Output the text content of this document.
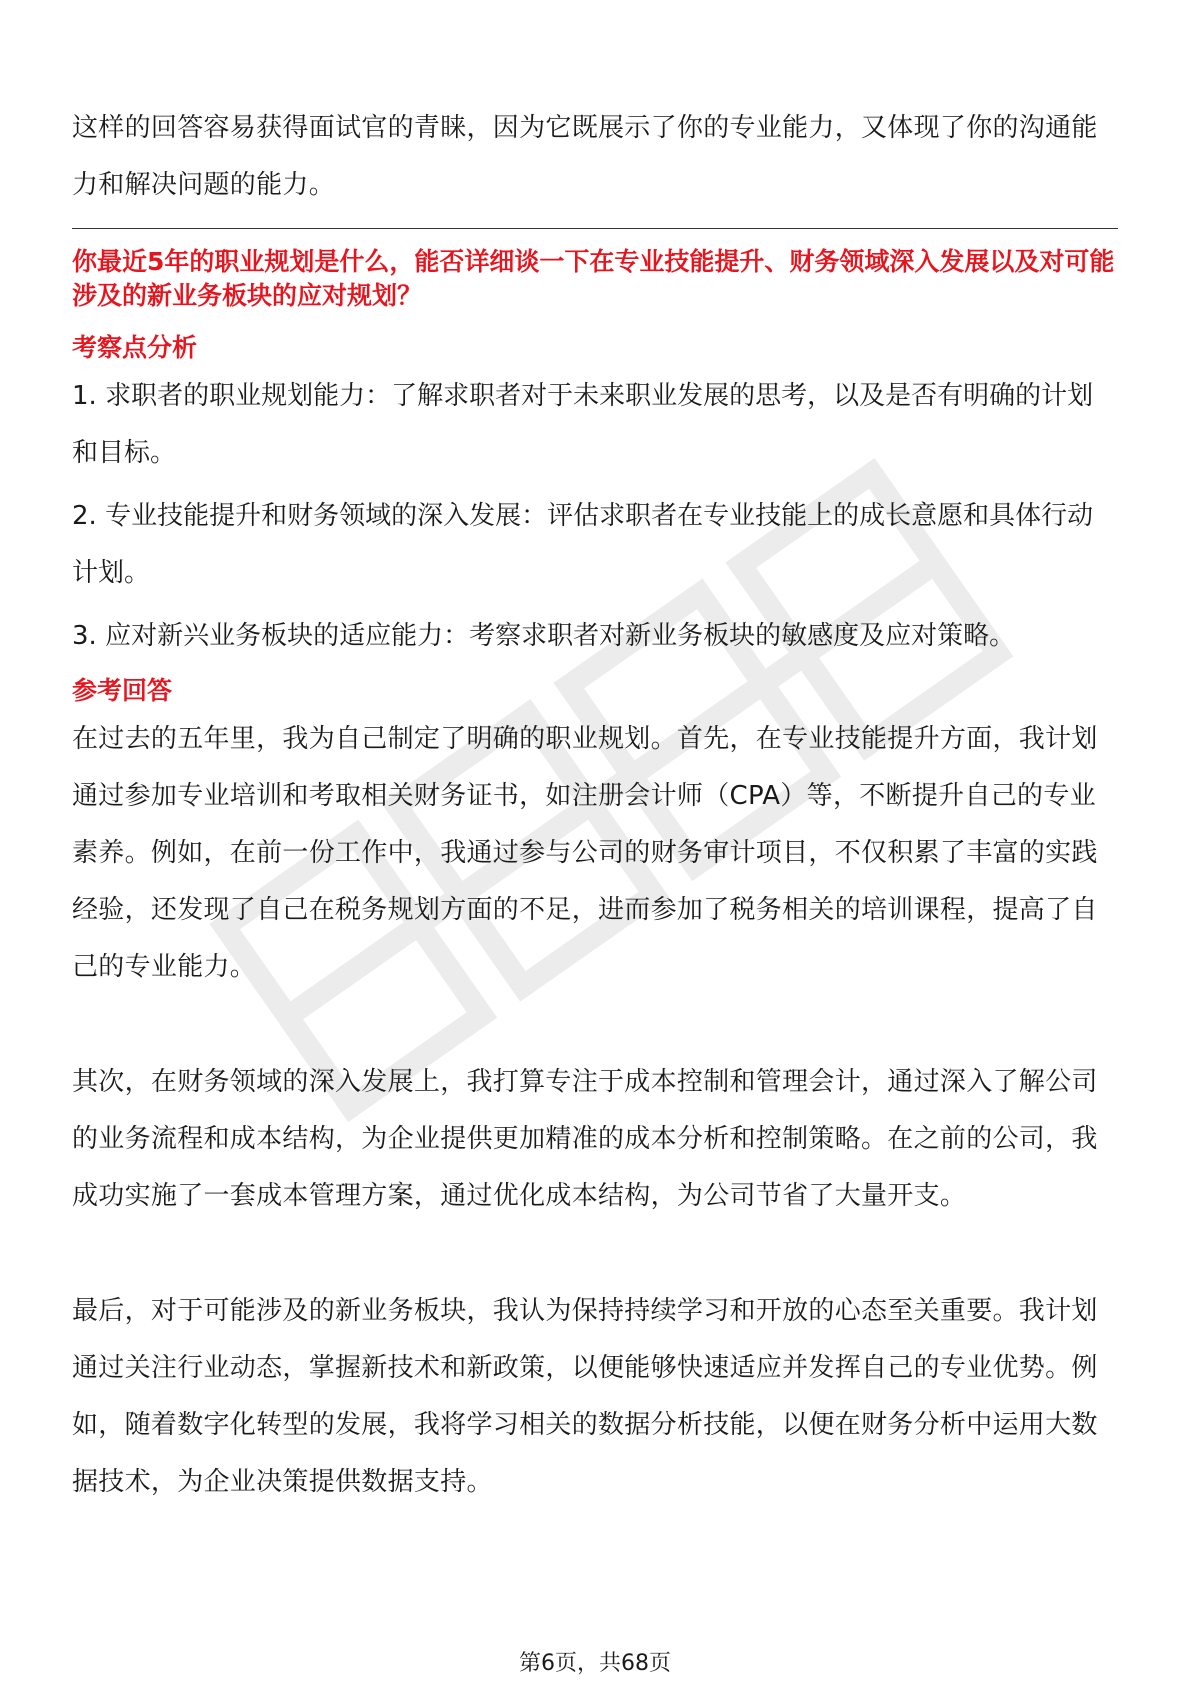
这样的回答容易获得面试官的青睐，因为它既展示了你的专业能力，又体现了你的沟通能力和解决问题的能力。

你最近5年的职业规划是什么，能否详细谈一下在专业技能提升、财务领域深入发展以及对可能涉及的新业务板块的应对规划？

考察点分析

1. 求职者的职业规划能力：了解求职者对于未来职业发展的思考，以及是否有明确的计划和目标。

2. 专业技能提升和财务领域的深入发展：评估求职者在专业技能上的成长意愿和具体行动计划。

3. 应对新兴业务板块的适应能力：考察求职者对新业务板块的敏感度及应对策略。

参考回答

在过去的五年里，我为自己制定了明确的职业规划。首先，在专业技能提升方面，我计划通过参加专业培训和考取相关财务证书，如注册会计师（CPA）等，不断提升自己的专业素养。例如，在前一份工作中，我通过参与公司的财务审计项目，不仅积累了丰富的实践经验，还发现了自己在税务规划方面的不足，进而参加了税务相关的培训课程，提高了自己的专业能力。

其次，在财务领域的深入发展上，我打算专注于成本控制和管理会计，通过深入了解公司的业务流程和成本结构，为企业提供更加精准的成本分析和控制策略。在之前的公司，我成功实施了一套成本管理方案，通过优化成本结构，为公司节省了大量开支。

最后，对于可能涉及的新业务板块，我认为保持持续学习和开放的心态至关重要。我计划通过关注行业动态，掌握新技术和新政策，以便能够快速适应并发挥自己的专业优势。例如，随着数字化转型的发展，我将学习相关的数据分析技能，以便在财务分析中运用大数据技术，为企业决策提供数据支持。

第6页，共68页
